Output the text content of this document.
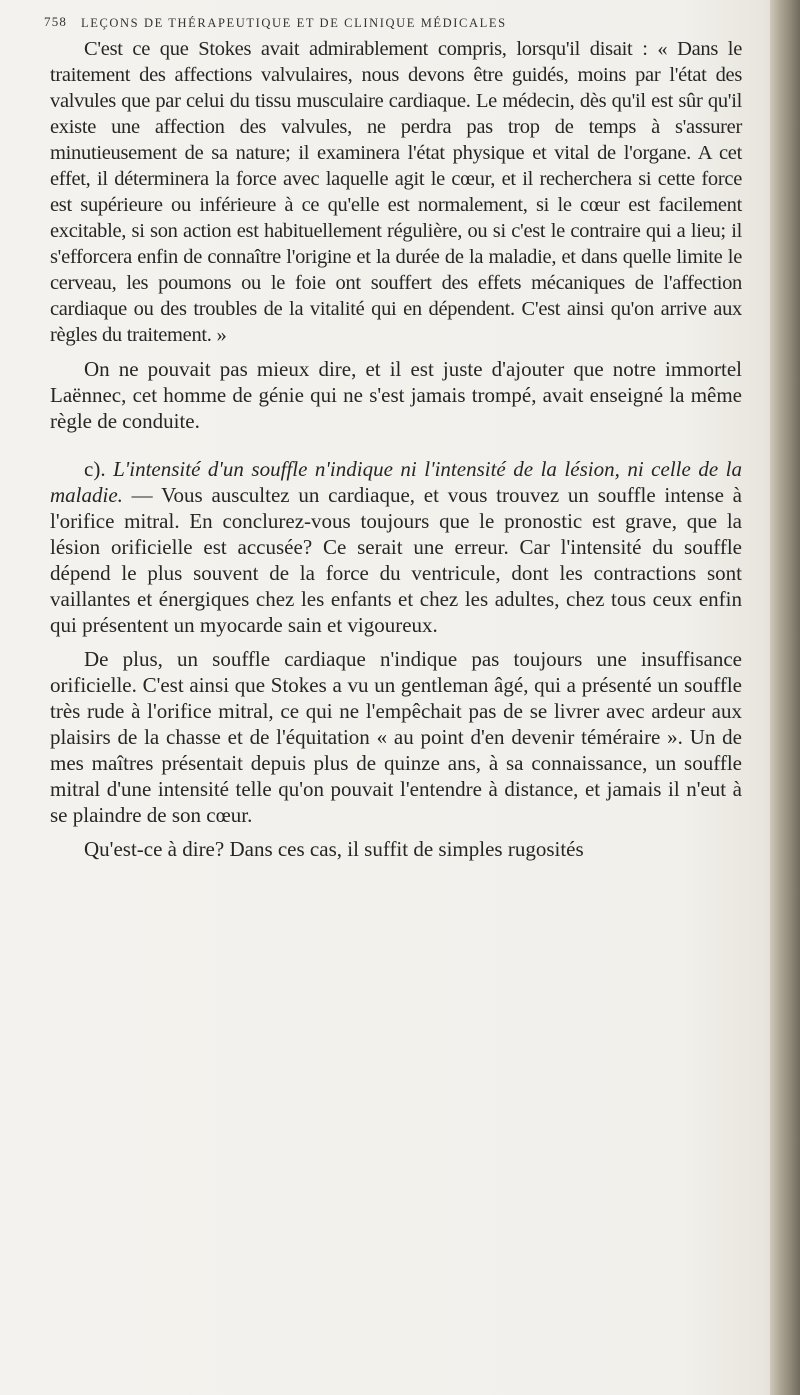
758 LEÇONS DE THÉRAPEUTIQUE ET DE CLINIQUE MÉDICALES

C'est ce que Stokes avait admirablement compris, lorsqu'il disait : « Dans le traitement des affections valvulaires, nous devons être guidés, moins par l'état des valvules que par celui du tissu musculaire cardiaque. Le médecin, dès qu'il est sûr qu'il existe une affection des valvules, ne perdra pas trop de temps à s'assurer minutieusement de sa nature; il examinera l'état physique et vital de l'organe. A cet effet, il déterminera la force avec laquelle agit le cœur, et il recherchera si cette force est supérieure ou inférieure à ce qu'elle est normalement, si le cœur est facilement excitable, si son action est habituellement régulière, ou si c'est le contraire qui a lieu; il s'efforcera enfin de connaître l'origine et la durée de la maladie, et dans quelle limite le cerveau, les poumons ou le foie ont souffert des effets mécaniques de l'affection cardiaque ou des troubles de la vitalité qui en dépendent. C'est ainsi qu'on arrive aux règles du traitement. »

On ne pouvait pas mieux dire, et il est juste d'ajouter que notre immortel Laënnec, cet homme de génie qui ne s'est jamais trompé, avait enseigné la même règle de conduite.

c). L'intensité d'un souffle n'indique ni l'intensité de la lésion, ni celle de la maladie. — Vous auscultez un cardiaque, et vous trouvez un souffle intense à l'orifice mitral. En conclurez-vous toujours que le pronostic est grave, que la lésion orificielle est accusée? Ce serait une erreur. Car l'intensité du souffle dépend le plus souvent de la force du ventricule, dont les contractions sont vaillantes et énergiques chez les enfants et chez les adultes, chez tous ceux enfin qui présentent un myocarde sain et vigoureux.

De plus, un souffle cardiaque n'indique pas toujours une insuffisance orificielle. C'est ainsi que Stokes a vu un gentleman âgé, qui a présenté un souffle très rude à l'orifice mitral, ce qui ne l'empêchait pas de se livrer avec ardeur aux plaisirs de la chasse et de l'équitation « au point d'en devenir téméraire ». Un de mes maîtres présentait depuis plus de quinze ans, à sa connaissance, un souffle mitral d'une intensité telle qu'on pouvait l'entendre à distance, et jamais il n'eut à se plaindre de son cœur.

Qu'est-ce à dire? Dans ces cas, il suffit de simples rugosités
